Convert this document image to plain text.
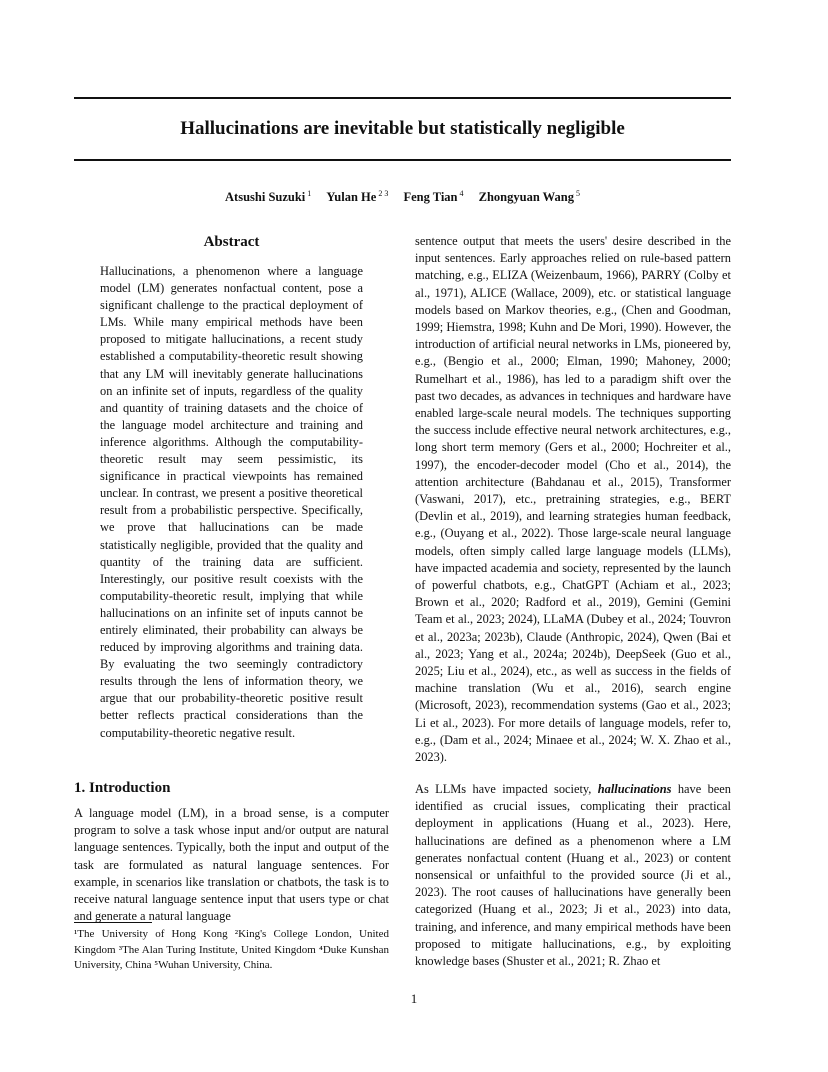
Hallucinations are inevitable but statistically negligible
Atsushi Suzuki $^1$ Yulan He $^{2 3}$ Feng Tian $^4$ Zhongyuan Wang $^5$
Abstract

Hallucinations, a phenomenon where a language model (LM) generates nonfactual content, pose a significant challenge to the practical deployment of LMs. While many empirical methods have been proposed to mitigate hallucinations, a recent study established a computability-theoretic result showing that any LM will inevitably generate hallucinations on an infinite set of inputs, regardless of the quality and quantity of training datasets and the choice of the language model architecture and training and inference algorithms. Although the computability-theoretic result may seem pessimistic, its significance in practical viewpoints has remained unclear. In contrast, we present a positive theoretical result from a probabilistic perspective. Specifically, we prove that hallucinations can be made statistically negligible, provided that the quality and quantity of the training data are sufficient. Interestingly, our positive result coexists with the computability-theoretic result, implying that while hallucinations on an infinite set of inputs cannot be entirely eliminated, their probability can always be reduced by improving algorithms and training data. By evaluating the two seemingly contradictory results through the lens of information theory, we argue that our probability-theoretic positive result better reflects practical considerations than the computability-theoretic negative result.

1. Introduction

A language model (LM), in a broad sense, is a computer program to solve a task whose input and/or output are natural language sentences. Typically, both the input and output of the task are formulated as natural language sentences. For example, in scenarios like translation or chatbots, the task is to receive natural language sentence input that users type or chat and generate a natural language

¹The University of Hong Kong ²King's College London, United Kingdom ³The Alan Turing Institute, United Kingdom ⁴Duke Kunshan University, China ⁵Wuhan University, China.

sentence output that meets the users' desire described in the input sentences. Early approaches relied on rule-based pattern matching, e.g., ELIZA (Weizenbaum, 1966), PARRY (Colby et al., 1971), ALICE (Wallace, 2009), etc. or statistical language models based on Markov theories, e.g., (Chen and Goodman, 1999; Hiemstra, 1998; Kuhn and De Mori, 1990). However, the introduction of artificial neural networks in LMs, pioneered by, e.g., (Bengio et al., 2000; Elman, 1990; Mahoney, 2000; Rumelhart et al., 1986), has led to a paradigm shift over the past two decades, as advances in techniques and hardware have enabled large-scale neural models. The techniques supporting the success include effective neural network architectures, e.g., long short term memory (Gers et al., 2000; Hochreiter et al., 1997), the encoder-decoder model (Cho et al., 2014), the attention architecture (Bahdanau et al., 2015), Transformer (Vaswani, 2017), etc., pretraining strategies, e.g., BERT (Devlin et al., 2019), and learning strategies human feedback, e.g., (Ouyang et al., 2022). Those large-scale neural language models, often simply called large language models (LLMs), have impacted academia and society, represented by the launch of powerful chatbots, e.g., ChatGPT (Achiam et al., 2023; Brown et al., 2020; Radford et al., 2019), Gemini (Gemini Team et al., 2023; 2024), LLaMA (Dubey et al., 2024; Touvron et al., 2023a; 2023b), Claude (Anthropic, 2024), Qwen (Bai et al., 2023; Yang et al., 2024a; 2024b), DeepSeek (Guo et al., 2025; Liu et al., 2024), etc., as well as success in the fields of machine translation (Wu et al., 2016), search engine (Microsoft, 2023), recommendation systems (Gao et al., 2023; Li et al., 2023). For more details of language models, refer to, e.g., (Dam et al., 2024; Minaee et al., 2024; W. X. Zhao et al., 2023).

As LLMs have impacted society, hallucinations have been identified as crucial issues, complicating their practical deployment in applications (Huang et al., 2023). Here, hallucinations are defined as a phenomenon where a LM generates nonfactual content (Huang et al., 2023) or content nonsensical or unfaithful to the provided source (Ji et al., 2023). The root causes of hallucinations have generally been categorized (Huang et al., 2023; Ji et al., 2023) into data, training, and inference, and many empirical methods have been proposed to mitigate hallucinations, e.g., by exploiting knowledge bases (Shuster et al., 2021; R. Zhao et

1
